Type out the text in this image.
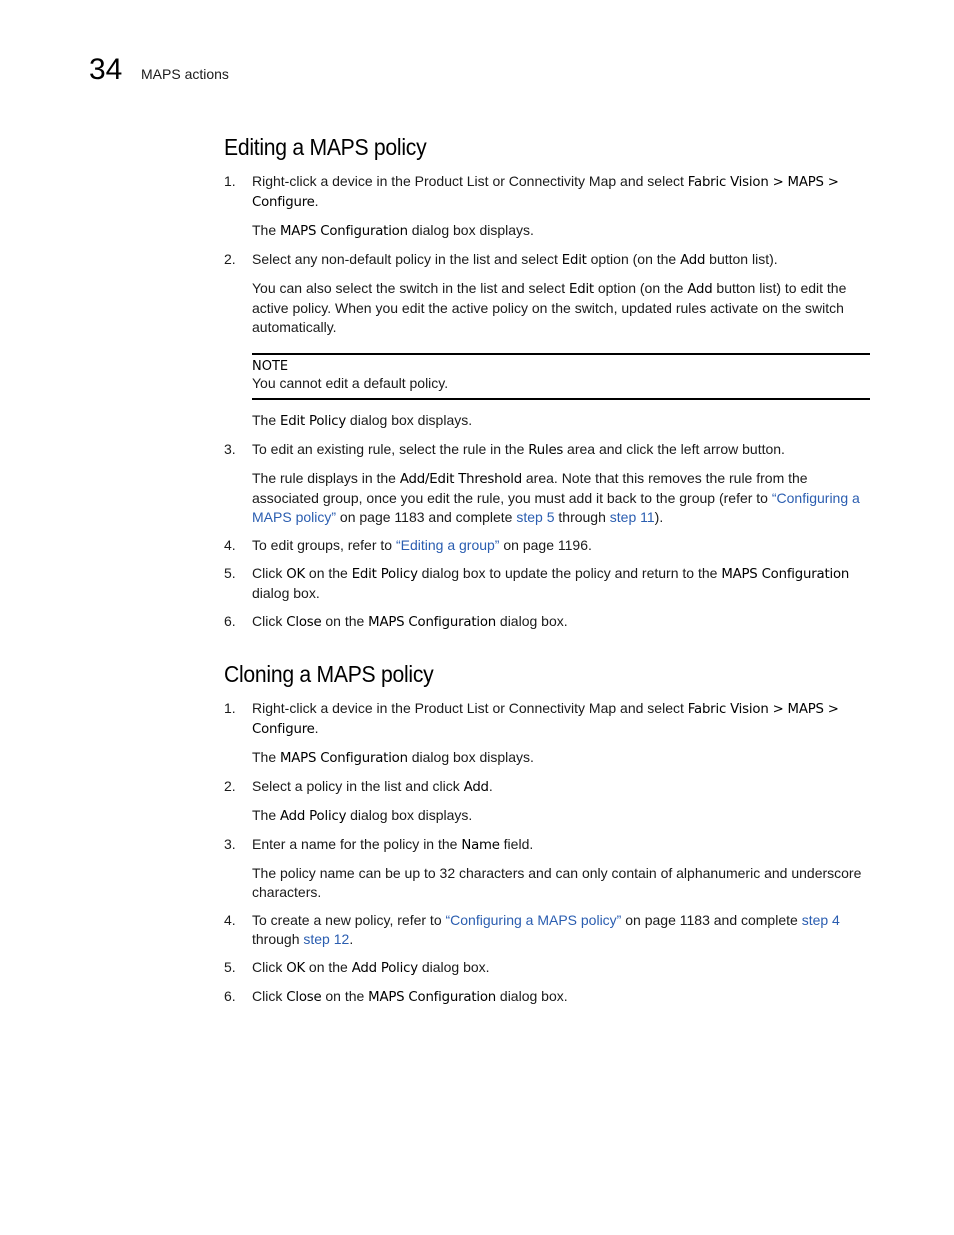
34 MAPS actions
Editing a MAPS policy
1. Right-click a device in the Product List or Connectivity Map and select Fabric Vision > MAPS > Configure.

The MAPS Configuration dialog box displays.

2. Select any non-default policy in the list and select Edit option (on the Add button list).

You can also select the switch in the list and select Edit option (on the Add button list) to edit the active policy. When you edit the active policy on the switch, updated rules activate on the switch automatically.

NOTE
You cannot edit a default policy.

The Edit Policy dialog box displays.

3. To edit an existing rule, select the rule in the Rules area and click the left arrow button.

The rule displays in the Add/Edit Threshold area. Note that this removes the rule from the associated group, once you edit the rule, you must add it back to the group (refer to “Configuring a MAPS policy” on page 1183 and complete step 5 through step 11).

4. To edit groups, refer to “Editing a group” on page 1196.

5. Click OK on the Edit Policy dialog box to update the policy and return to the MAPS Configuration dialog box.

6. Click Close on the MAPS Configuration dialog box.

Cloning a MAPS policy
1. Right-click a device in the Product List or Connectivity Map and select Fabric Vision > MAPS > Configure.

The MAPS Configuration dialog box displays.

2. Select a policy in the list and click Add.

The Add Policy dialog box displays.

3. Enter a name for the policy in the Name field.

The policy name can be up to 32 characters and can only contain of alphanumeric and underscore characters.

4. To create a new policy, refer to “Configuring a MAPS policy” on page 1183 and complete step 4 through step 12.

5. Click OK on the Add Policy dialog box.

6. Click Close on the MAPS Configuration dialog box.
